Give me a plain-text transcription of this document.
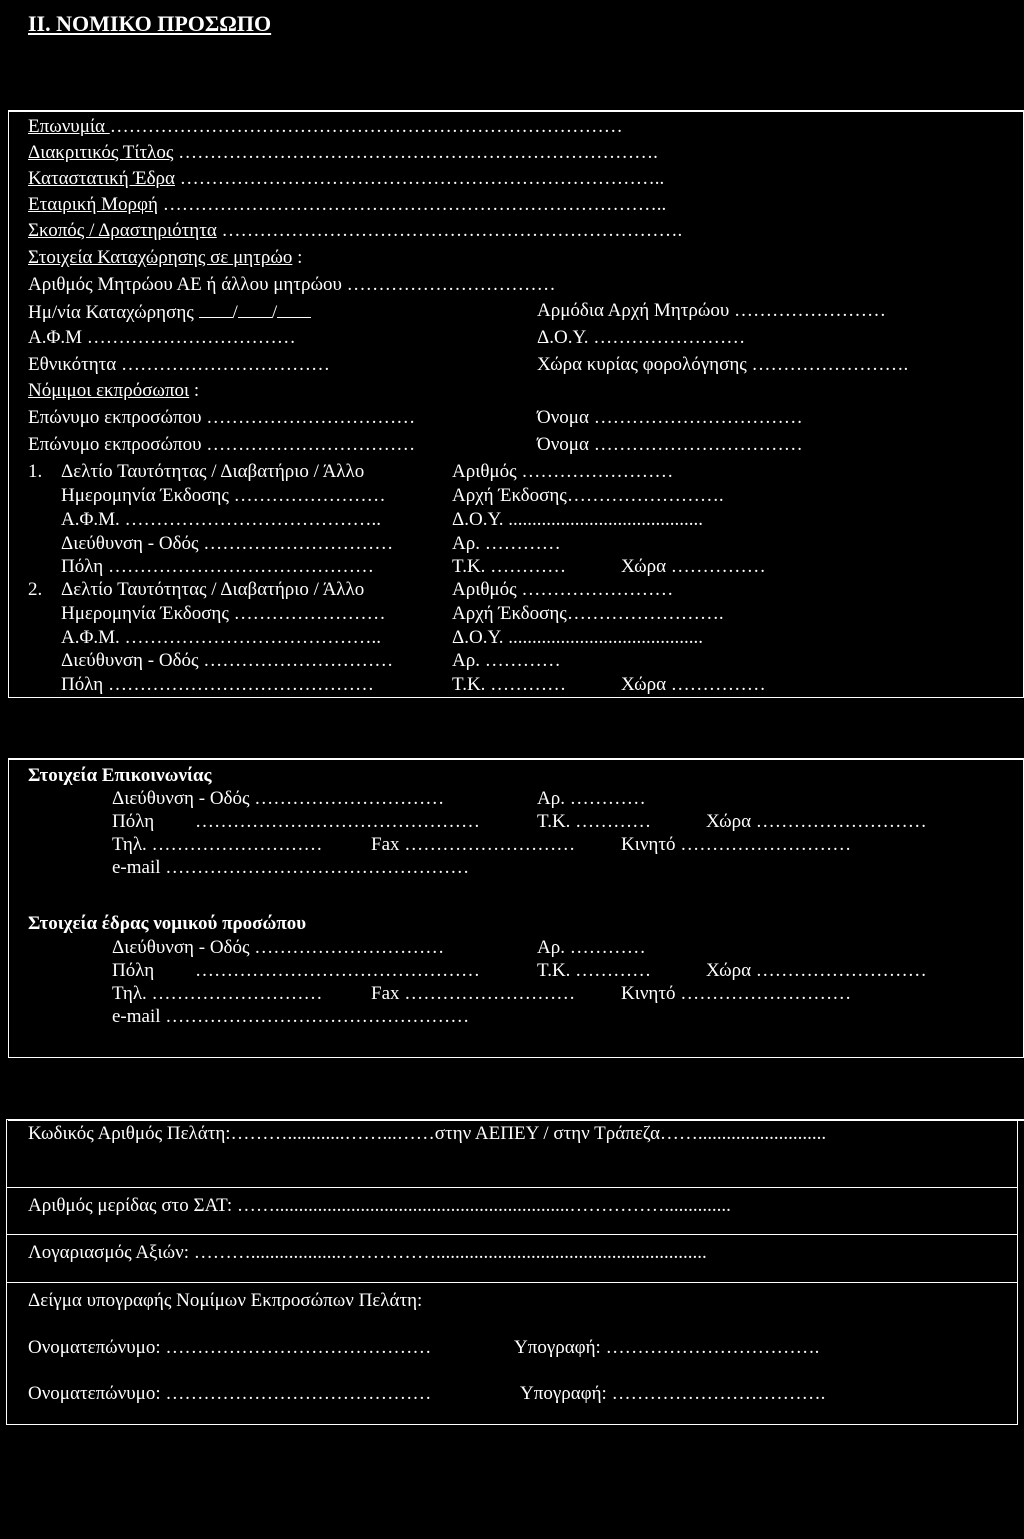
II. ΝΟΜΙΚΟ ΠΡΟΣΩΠΟ
Επωνυμία ………………………………………………………………………
Διακριτικός Τίτλος ………………………………………………………………….
Καταστατική Έδρα …………………………………………………………………..
Εταιρική Μορφή ……………………………………………………………………..
Σκοπός / Δραστηριότητα ……………………………………………………………….
Στοιχεία Καταχώρησης σε μητρώο :
Αριθμός Μητρώου ΑΕ ή άλλου μητρώου ……………………………
Ημ/νία Καταχώρησης / /	Αρμόδια Αρχή Μητρώου ……………………
Α.Φ.Μ ……………………………	Δ.Ο.Υ. ……………………
Εθνικότητα ……………………………	Χώρα κυρίας φορολόγησης …………………….
Νόμιμοι εκπρόσωποι :
Επώνυμο εκπροσώπου ……………………………	Όνομα ……………………………
Επώνυμο εκπροσώπου ……………………………	Όνομα ……………………………
1. Δελτίο Ταυτότητας / Διαβατήριο / Άλλο	Αριθμός ……………………
Ημερομηνία Έκδοσης ……………………	Αρχή Έκδοσης…………………….
Α.Φ.Μ. …………………………………..	Δ.Ο.Υ. .........................................
Διεύθυνση - Οδός …………………………	Αρ. …………
Πόλη ……………………………………	Τ.Κ. …………	Χώρα ……………
2. Δελτίο Ταυτότητας / Διαβατήριο / Άλλο	Αριθμός ……………………
Ημερομηνία Έκδοσης ……………………	Αρχή Έκδοσης…………………….
Α.Φ.Μ. …………………………………..	Δ.Ο.Υ. .........................................
Διεύθυνση - Οδός …………………………	Αρ. …………
Πόλη ……………………………………	Τ.Κ. …………	Χώρα ……………
Στοιχεία Επικοινωνίας
Διεύθυνση - Οδός …………………………	Αρ. …………
Πόλη ………………………………………	Τ.Κ. …………	Χώρα ………………………
Τηλ. ………………………	Fax ……………………… Κινητό ………………………
e-mail …………………………………………
Στοιχεία έδρας νομικού προσώπου
Διεύθυνση - Οδός …………………………	Αρ. …………
Πόλη ………………………………………	Τ.Κ. …………	Χώρα ………………………
Τηλ. ………………………	Fax ……………………… Κινητό ………………………
e-mail …………………………………………
Κωδικός Αριθμός Πελάτη:………............……...……στην ΑΕΠΕΥ / στην Τράπεζα……...........................
Αριθμός μερίδας στο ΣΑΤ: ……..............................................................……………..............
Λογαριασμός Αξιών: ………...................…………….........................................................
Δείγμα υπογραφής Νομίμων Εκπροσώπων Πελάτη:
Ονοματεπώνυμο: ……………………………………	Υπογραφή: …………………………….
Ονοματεπώνυμο: ……………………………………	Υπογραφή: …………………………….
